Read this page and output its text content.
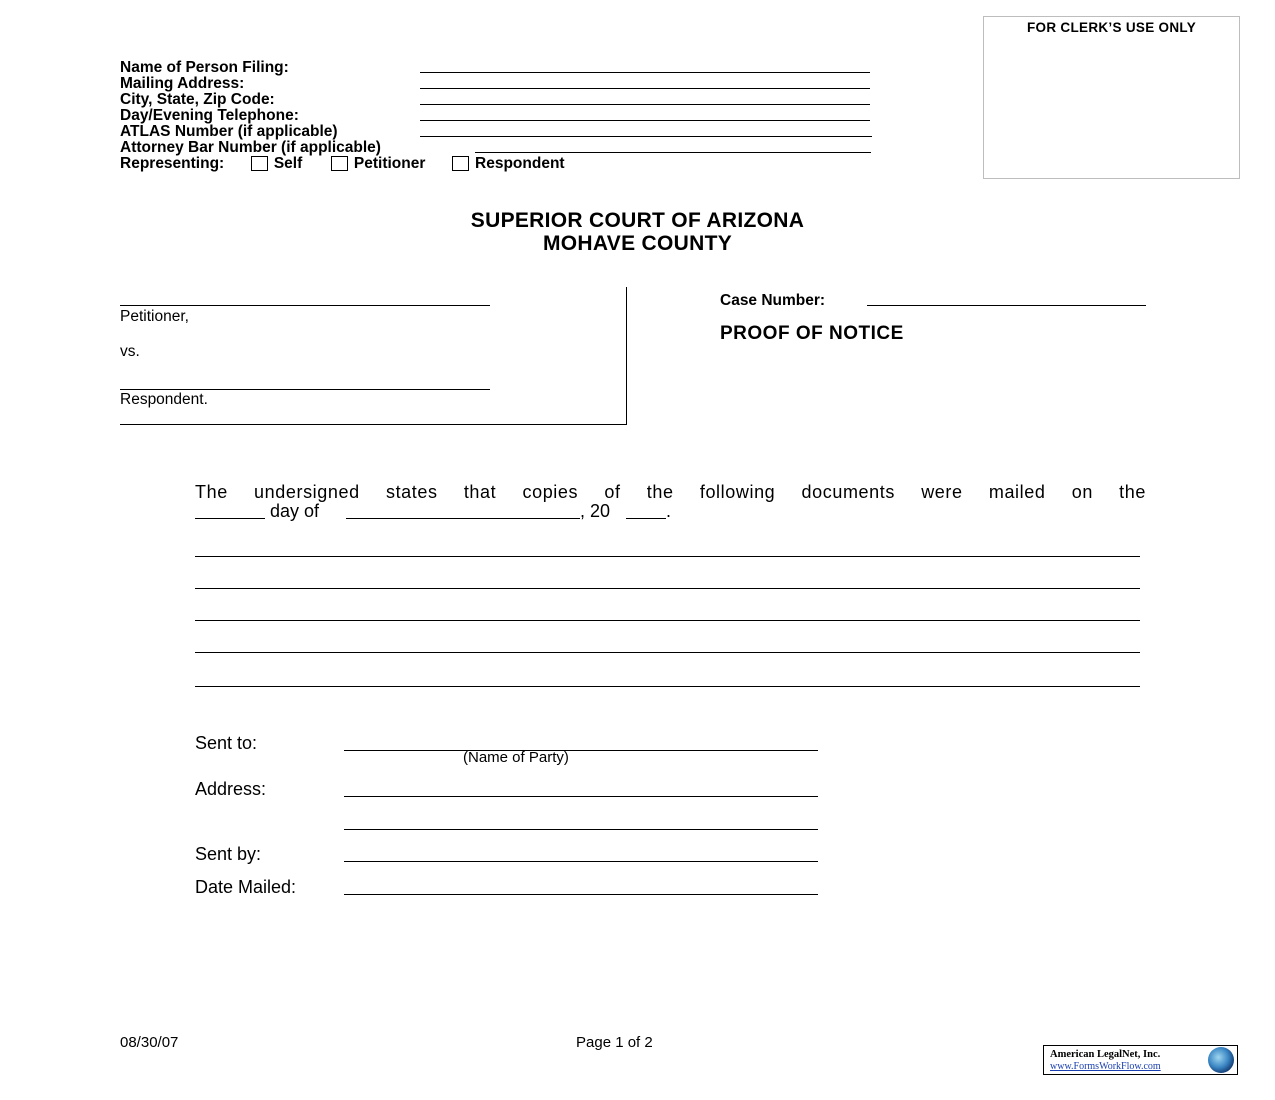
Name of Person Filing:
Mailing Address:
City, State, Zip Code:
Day/Evening Telephone:
ATLAS Number (if applicable)
Attorney Bar Number (if applicable)
Representing:	Self	Petitioner	Respondent
FOR CLERK’S USE ONLY
SUPERIOR COURT OF ARIZONA
MOHAVE COUNTY
Petitioner,
vs.
Respondent.
Case Number:
PROOF OF NOTICE
The undersigned states that copies of the following documents were mailed on the
day of	, 20	.
Sent to:
(Name of Party)
Address:
Sent by:
Date Mailed:
08/30/07	Page 1 of 2
American LegalNet, Inc.
www.FormsWorkFlow.com
